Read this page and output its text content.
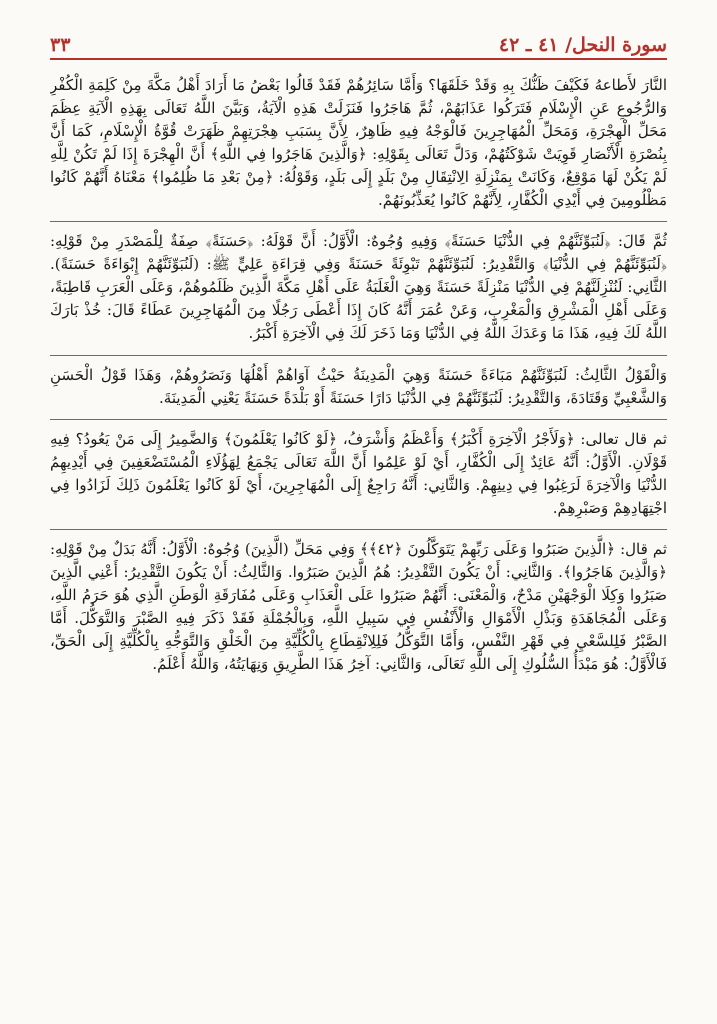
سورة النحل/ ٤١ ـ ٤٢
٣٣

النَّارَ لأَطاعهُ فَكَيْفَ ظَنُّكَ بِهِ وَقَدْ خَلَقَهَا؟ وَأَمَّا سَائِرُهُمْ فَقَدْ قَالُوا بَعْضُ مَا أَرَادَ أَهْلُ مَكَّةَ مِنْ كَلِمَةِ الْكُفْرِ وَالرُّجُوعِ عَنِ الْإِسْلَامِ فَتَرَكُوا عَذَابَهُمْ، ثُمَّ هَاجَرُوا فَنَزَلَتْ هَذِهِ الْآيَةُ، وَبَيَّنَ اللَّهُ تَعَالَى بِهَذِهِ الْآيَةِ عِظَمَ مَحَلِّ الْهِجْرَةِ، وَمَحَلِّ الْمُهَاجِرِينَ فَالْوَجْهُ فِيهِ ظَاهِرٌ، لِأَنَّ بِسَبَبِ هِجْرَتِهِمْ ظَهَرَتْ قُوَّةُ الْإِسْلَامِ، كَمَا أَنَّ بِنُصْرَةِ الْأَنْصَارِ قَوِيَتْ شَوْكَتُهُمْ، وَدَلَّ تَعَالَى بِقَوْلِهِ: ﴿وَالَّذِينَ هَاجَرُوا فِي اللَّهِ﴾ أَنَّ الْهِجْرَةَ إِذَا لَمْ تَكُنْ لِلَّهِ لَمْ يَكُنْ لَهَا مَوْقِعٌ، وَكَانَتْ بِمَنْزِلَةِ الِانْتِقَالِ مِنْ بَلَدٍ إِلَى بَلَدٍ، وَقَوْلُهُ: ﴿مِنْ بَعْدِ مَا ظُلِمُوا﴾ مَعْنَاهُ أَنَّهُمْ كَانُوا مَظْلُومِينَ فِي أَيْدِي الْكُفَّارِ، لِأَنَّهُمْ كَانُوا يُعَذِّبُونَهُمْ.

ثُمَّ قَالَ: ﴿لَنُبَوِّئَنَّهُمْ فِي الدُّنْيَا حَسَنَةً﴾ وَفِيهِ وُجُوهٌ: الْأَوَّلُ: أَنَّ قَوْلَهُ: ﴿حَسَنَةً﴾ صِفَةٌ لِلْمَصْدَرِ مِنْ قَوْلِهِ: ﴿لَنُبَوِّئَنَّهُمْ فِي الدُّنْيَا﴾ وَالتَّقْدِيرُ: لَنُبَوِّئَنَّهُمْ تَبْوِئَةً حَسَنَةً وَفِي قِرَاءَةِ عَلِيٍّ ﷺ: (لَنُبَوِّئَنَّهُمْ إِبْوَاءَةً حَسَنَةً). الثَّانِي: لَنُنْزِلَنَّهُمْ فِي الدُّنْيَا مَنْزِلَةً حَسَنَةً وَهِيَ الْغَلَبَةُ عَلَى أَهْلِ مَكَّةَ الَّذِينَ ظَلَمُوهُمْ، وَعَلَى الْعَرَبِ قَاطِبَةً، وَعَلَى أَهْلِ الْمَشْرِقِ وَالْمَغْرِبِ، وَعَنْ عُمَرَ أَنَّهُ كَانَ إِذَا أَعْطَى رَجُلًا مِنَ الْمُهَاجِرِينَ عَطَاءً قَالَ: خُذْ بَارَكَ اللَّهُ لَكَ فِيهِ، هَذَا مَا وَعَدَكَ اللَّهُ فِي الدُّنْيَا وَمَا ذَخَرَ لَكَ فِي الْآخِرَةِ أَكْبَرُ.

وَالْقَوْلُ الثَّالِثُ: لَنُبَوِّئَنَّهُمْ مَبَاءَةً حَسَنَةً وَهِيَ الْمَدِينَةُ حَيْثُ آوَاهُمْ أَهْلُهَا وَنَصَرُوهُمْ، وَهَذَا قَوْلُ الْحَسَنِ وَالشَّعْبِيِّ وَقَتَادَةَ، وَالتَّقْدِيرُ: لَنُبَوِّئَنَّهُمْ فِي الدُّنْيَا دَارًا حَسَنَةً أَوْ بَلْدَةً حَسَنَةً يَعْنِي الْمَدِينَةَ.

ثم قال تعالى: ﴿وَلَأَجْرُ الْآخِرَةِ أَكْبَرُ﴾ وَأَعْظَمُ وَأَشْرَفُ، ﴿لَوْ كَانُوا يَعْلَمُونَ﴾ وَالضَّمِيرُ إِلَى مَنْ يَعُودُ؟ فِيهِ قَوْلَانِ. الْأَوَّلُ: أَنَّهُ عَائِدٌ إِلَى الْكُفَّارِ، أَيْ لَوْ عَلِمُوا أَنَّ اللَّهَ تَعَالَى يَجْمَعُ لِهَؤُلَاءِ الْمُسْتَضْعَفِينَ فِي أَيْدِيهِمُ الدُّنْيَا وَالْآخِرَةَ لَرَغِبُوا فِي دِينِهِمْ. وَالثَّانِي: أَنَّهُ رَاجِعٌ إِلَى الْمُهَاجِرِينَ، أَيْ لَوْ كَانُوا يَعْلَمُونَ ذَلِكَ لَزَادُوا فِي اجْتِهَادِهِمْ وَصَبْرِهِمْ.

ثم قال: ﴿الَّذِينَ صَبَرُوا وَعَلَى رَبِّهِمْ يَتَوَكَّلُونَ ﴿٤٢﴾﴾ وَفِي مَحَلِّ (الَّذِينَ) وُجُوهٌ: الْأَوَّلُ: أَنَّهُ بَدَلٌ مِنْ قَوْلِهِ: ﴿وَالَّذِينَ هَاجَرُوا﴾. وَالثَّانِي: أَنْ يَكُونَ التَّقْدِيرُ: هُمُ الَّذِينَ صَبَرُوا. وَالثَّالِثُ: أَنْ يَكُونَ التَّقْدِيرُ: أَعْنِي الَّذِينَ صَبَرُوا وَكِلَا الْوَجْهَيْنِ مَدْحٌ، وَالْمَعْنَى: أَنَّهُمْ صَبَرُوا عَلَى الْعَذَابِ وَعَلَى مُفَارَقَةِ الْوَطَنِ الَّذِي هُوَ حَرَمُ اللَّهِ، وَعَلَى الْمُجَاهَدَةِ وَبَذْلِ الْأَمْوَالِ وَالْأَنْفُسِ فِي سَبِيلِ اللَّهِ، وَبِالْجُمْلَةِ فَقَدْ ذَكَرَ فِيهِ الصَّبْرَ وَالتَّوَكُّلَ. أَمَّا الصَّبْرُ فَلِلسَّعْيِ فِي قَهْرِ النَّفْسِ، وَأَمَّا التَّوَكُّلُ فَلِلِانْقِطَاعِ بِالْكُلِّيَّةِ مِنَ الْخَلْقِ وَالتَّوَجُّهِ بِالْكُلِّيَّةِ إِلَى الْحَقِّ، فَالْأَوَّلُ: هُوَ مَبْدَأُ السُّلُوكِ إِلَى اللَّهِ تَعَالَى، وَالثَّانِي: آخِرُ هَذَا الطَّرِيقِ وَنِهَايَتُهُ، وَاللَّهُ أَعْلَمُ.
